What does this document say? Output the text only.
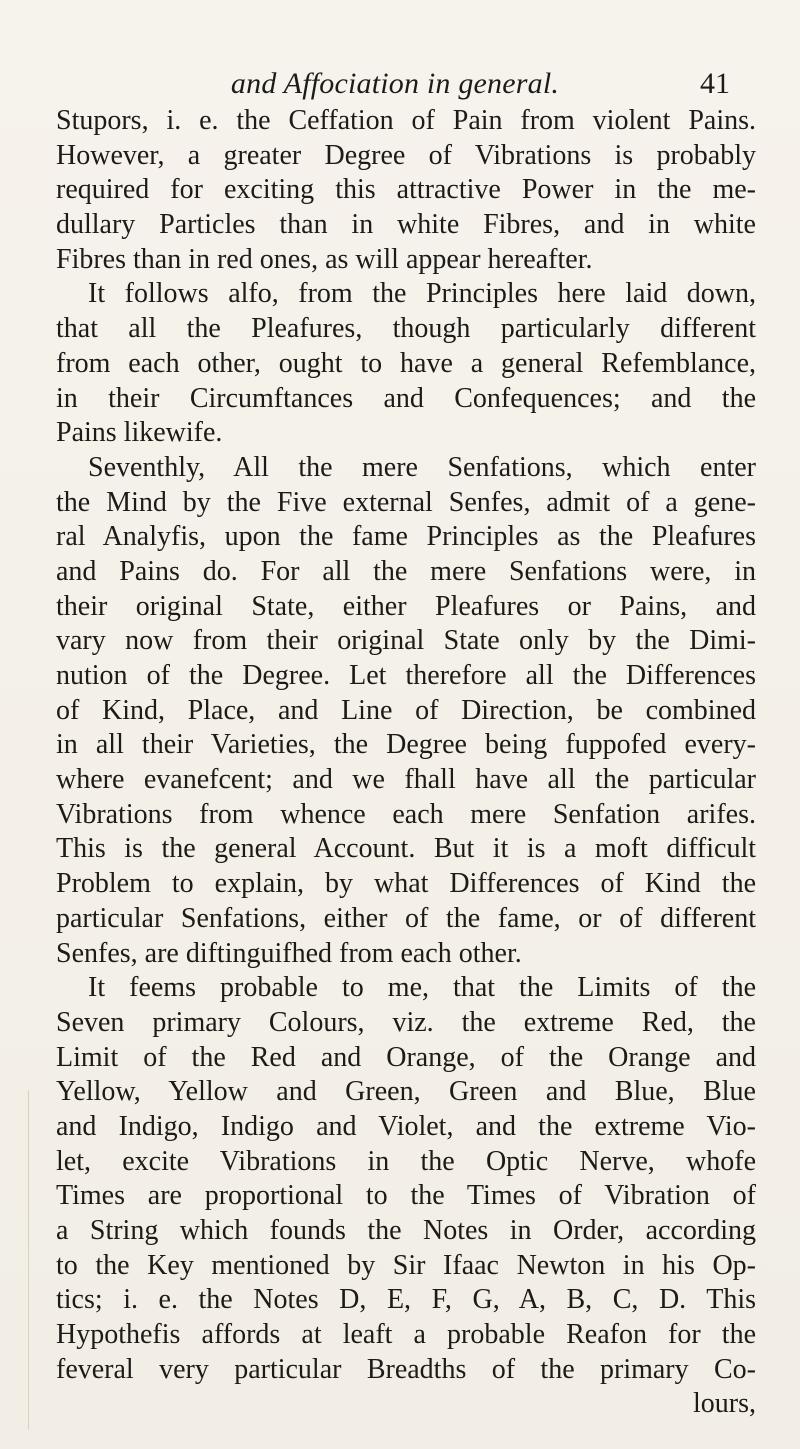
and Affociation in general.	41
Stupors, i. e. the Ceffation of Pain from violent Pains.
However, a greater Degree of Vibrations is probably
required for exciting this attractive Power in the me-
dullary Particles than in white Fibres, and in white
Fibres than in red ones, as will appear hereafter.
It follows alfo, from the Principles here laid down,
that all the Pleafures, though particularly different
from each other, ought to have a general Refemblance,
in their Circumftances and Confequences; and the
Pains likewife.
Seventhly, All the mere Senfations, which enter
the Mind by the Five external Senfes, admit of a gene-
ral Analyfis, upon the fame Principles as the Pleafures
and Pains do. For all the mere Senfations were, in
their original State, either Pleafures or Pains, and
vary now from their original State only by the Dimi-
nution of the Degree. Let therefore all the Differences
of Kind, Place, and Line of Direction, be combined
in all their Varieties, the Degree being fuppofed every-
where evanefcent; and we fhall have all the particular
Vibrations from whence each mere Senfation arifes.
This is the general Account. But it is a moft difficult
Problem to explain, by what Differences of Kind the
particular Senfations, either of the fame, or of different
Senfes, are diftinguifhed from each other.
It feems probable to me, that the Limits of the
Seven primary Colours, viz. the extreme Red, the
Limit of the Red and Orange, of the Orange and
Yellow, Yellow and Green, Green and Blue, Blue
and Indigo, Indigo and Violet, and the extreme Vio-
let, excite Vibrations in the Optic Nerve, whofe
Times are proportional to the Times of Vibration of
a String which founds the Notes in Order, according
to the Key mentioned by Sir Ifaac Newton in his Op-
tics; i. e. the Notes D, E, F, G, A, B, C, D. This
Hypothefis affords at leaft a probable Reafon for the
feveral very particular Breadths of the primary Co-
lours,
